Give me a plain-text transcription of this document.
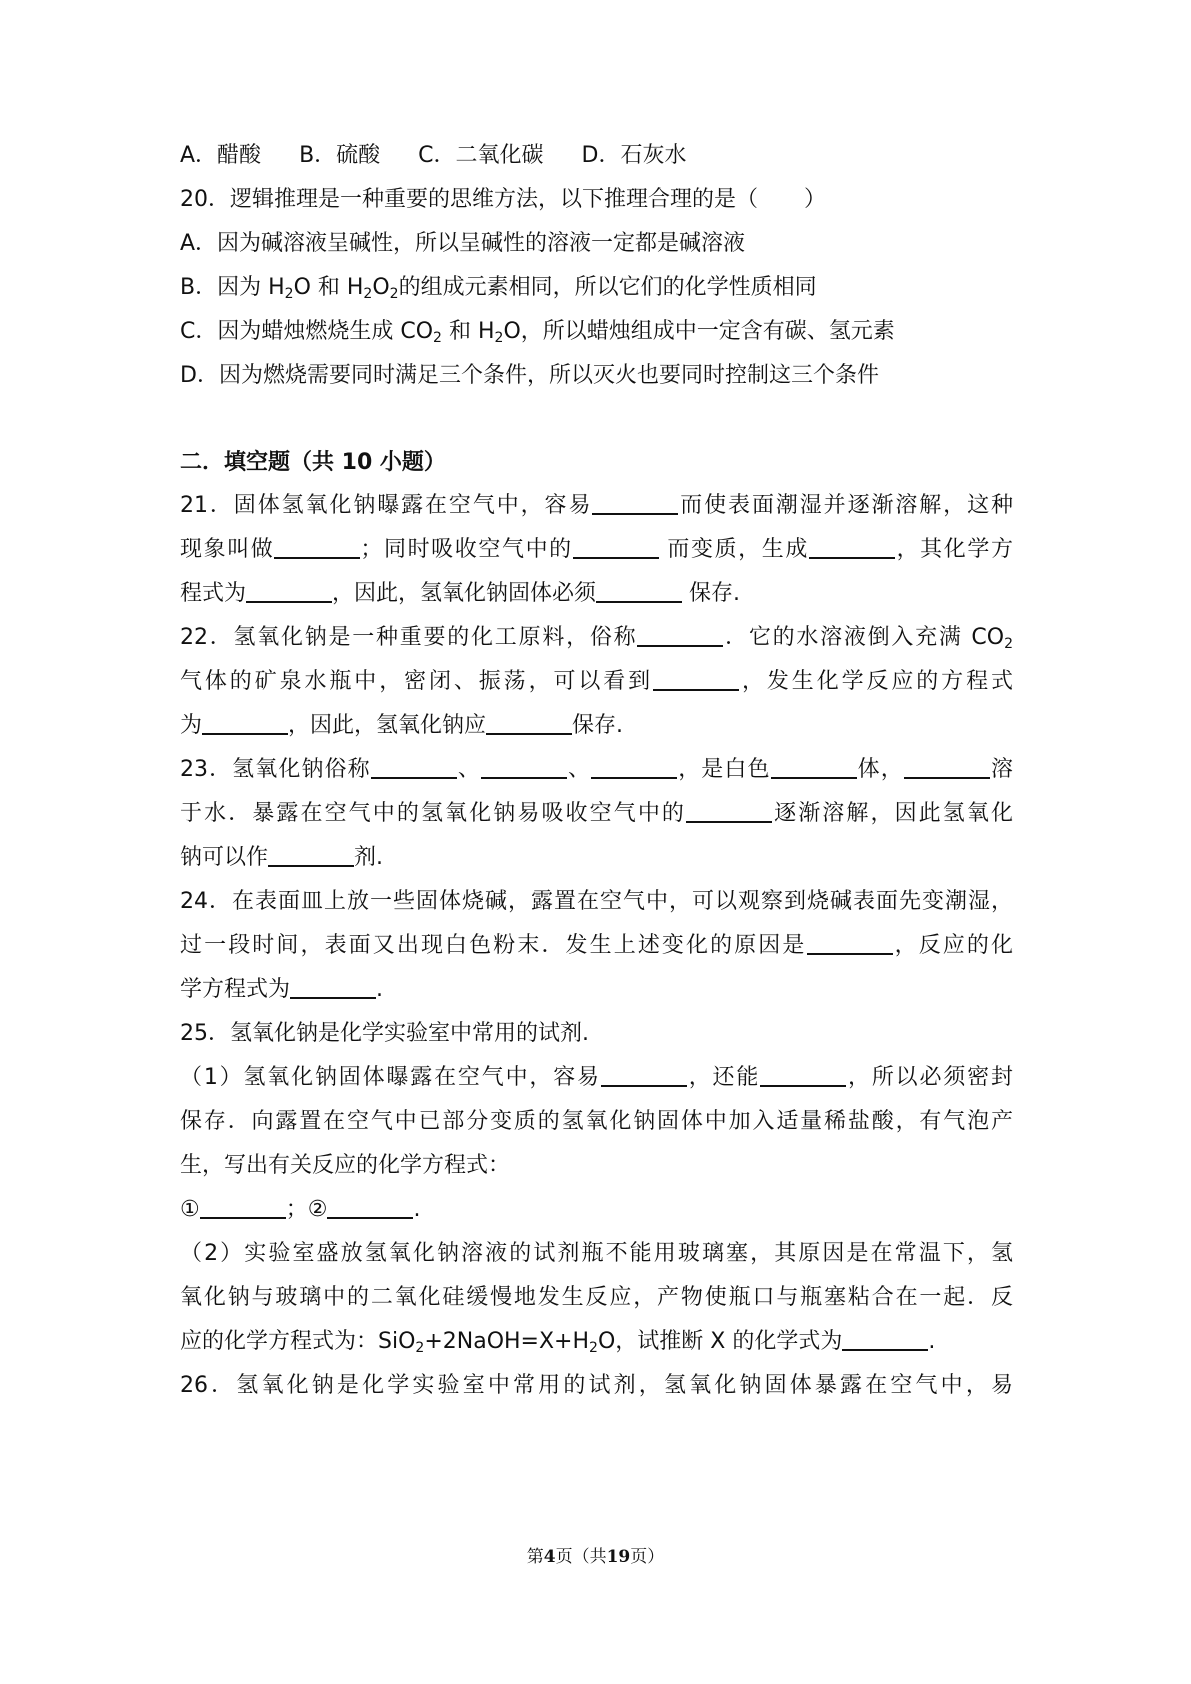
A．醋酸 B．硫酸 C．二氧化碳 D．石灰水
20．逻辑推理是一种重要的思维方法，以下推理合理的是（ ）
A．因为碱溶液呈碱性，所以呈碱性的溶液一定都是碱溶液
B．因为 $H_2O$ 和 $H_2O_2$的组成元素相同，所以它们的化学性质相同
C．因为蜡烛燃烧生成 $CO_2$ 和 $H_2O$，所以蜡烛组成中一定含有碳、氢元素
D．因为燃烧需要同时满足三个条件，所以灭火也要同时控制这三个条件
二．填空题（共 10 小题）
21．固体氢氧化钠曝露在空气中，容易	而使表面潮湿并逐渐溶解，这种
现象叫做	；同时吸收空气中的	而变质，生成	，其化学方
程式为	，因此，氢氧化钠固体必须	保存.
22．氢氧化钠是一种重要的化工原料，俗称	．它的水溶液倒入充满 $CO_2$
气体的矿泉水瓶中，密闭、振荡，可以看到	，发生化学反应的方程式
为	，因此，氢氧化钠应	保存.
23．氢氧化钠俗称	、	、	，是白色	体，	溶
于水．暴露在空气中的氢氧化钠易吸收空气中的	逐渐溶解，因此氢氧化
钠可以作	剂.
24．在表面皿上放一些固体烧碱，露置在空气中，可以观察到烧碱表面先变潮湿，
过一段时间，表面又出现白色粉末．发生上述变化的原因是	，反应的化
学方程式为	.
25．氢氧化钠是化学实验室中常用的试剂.
（1）氢氧化钠固体曝露在空气中，容易	，还能	，所以必须密封
保存．向露置在空气中已部分变质的氢氧化钠固体中加入适量稀盐酸，有气泡产
生，写出有关反应的化学方程式：
①	；②	.
（2）实验室盛放氢氧化钠溶液的试剂瓶不能用玻璃塞，其原因是在常温下，氢
氧化钠与玻璃中的二氧化硅缓慢地发生反应，产物使瓶口与瓶塞粘合在一起．反
应的化学方程式为：$SiO_2+2NaOH=X+H_2O$，试推断 X 的化学式为	.
26．氢氧化钠是化学实验室中常用的试剂，氢氧化钠固体暴露在空气中，易
第4页（共19页）
